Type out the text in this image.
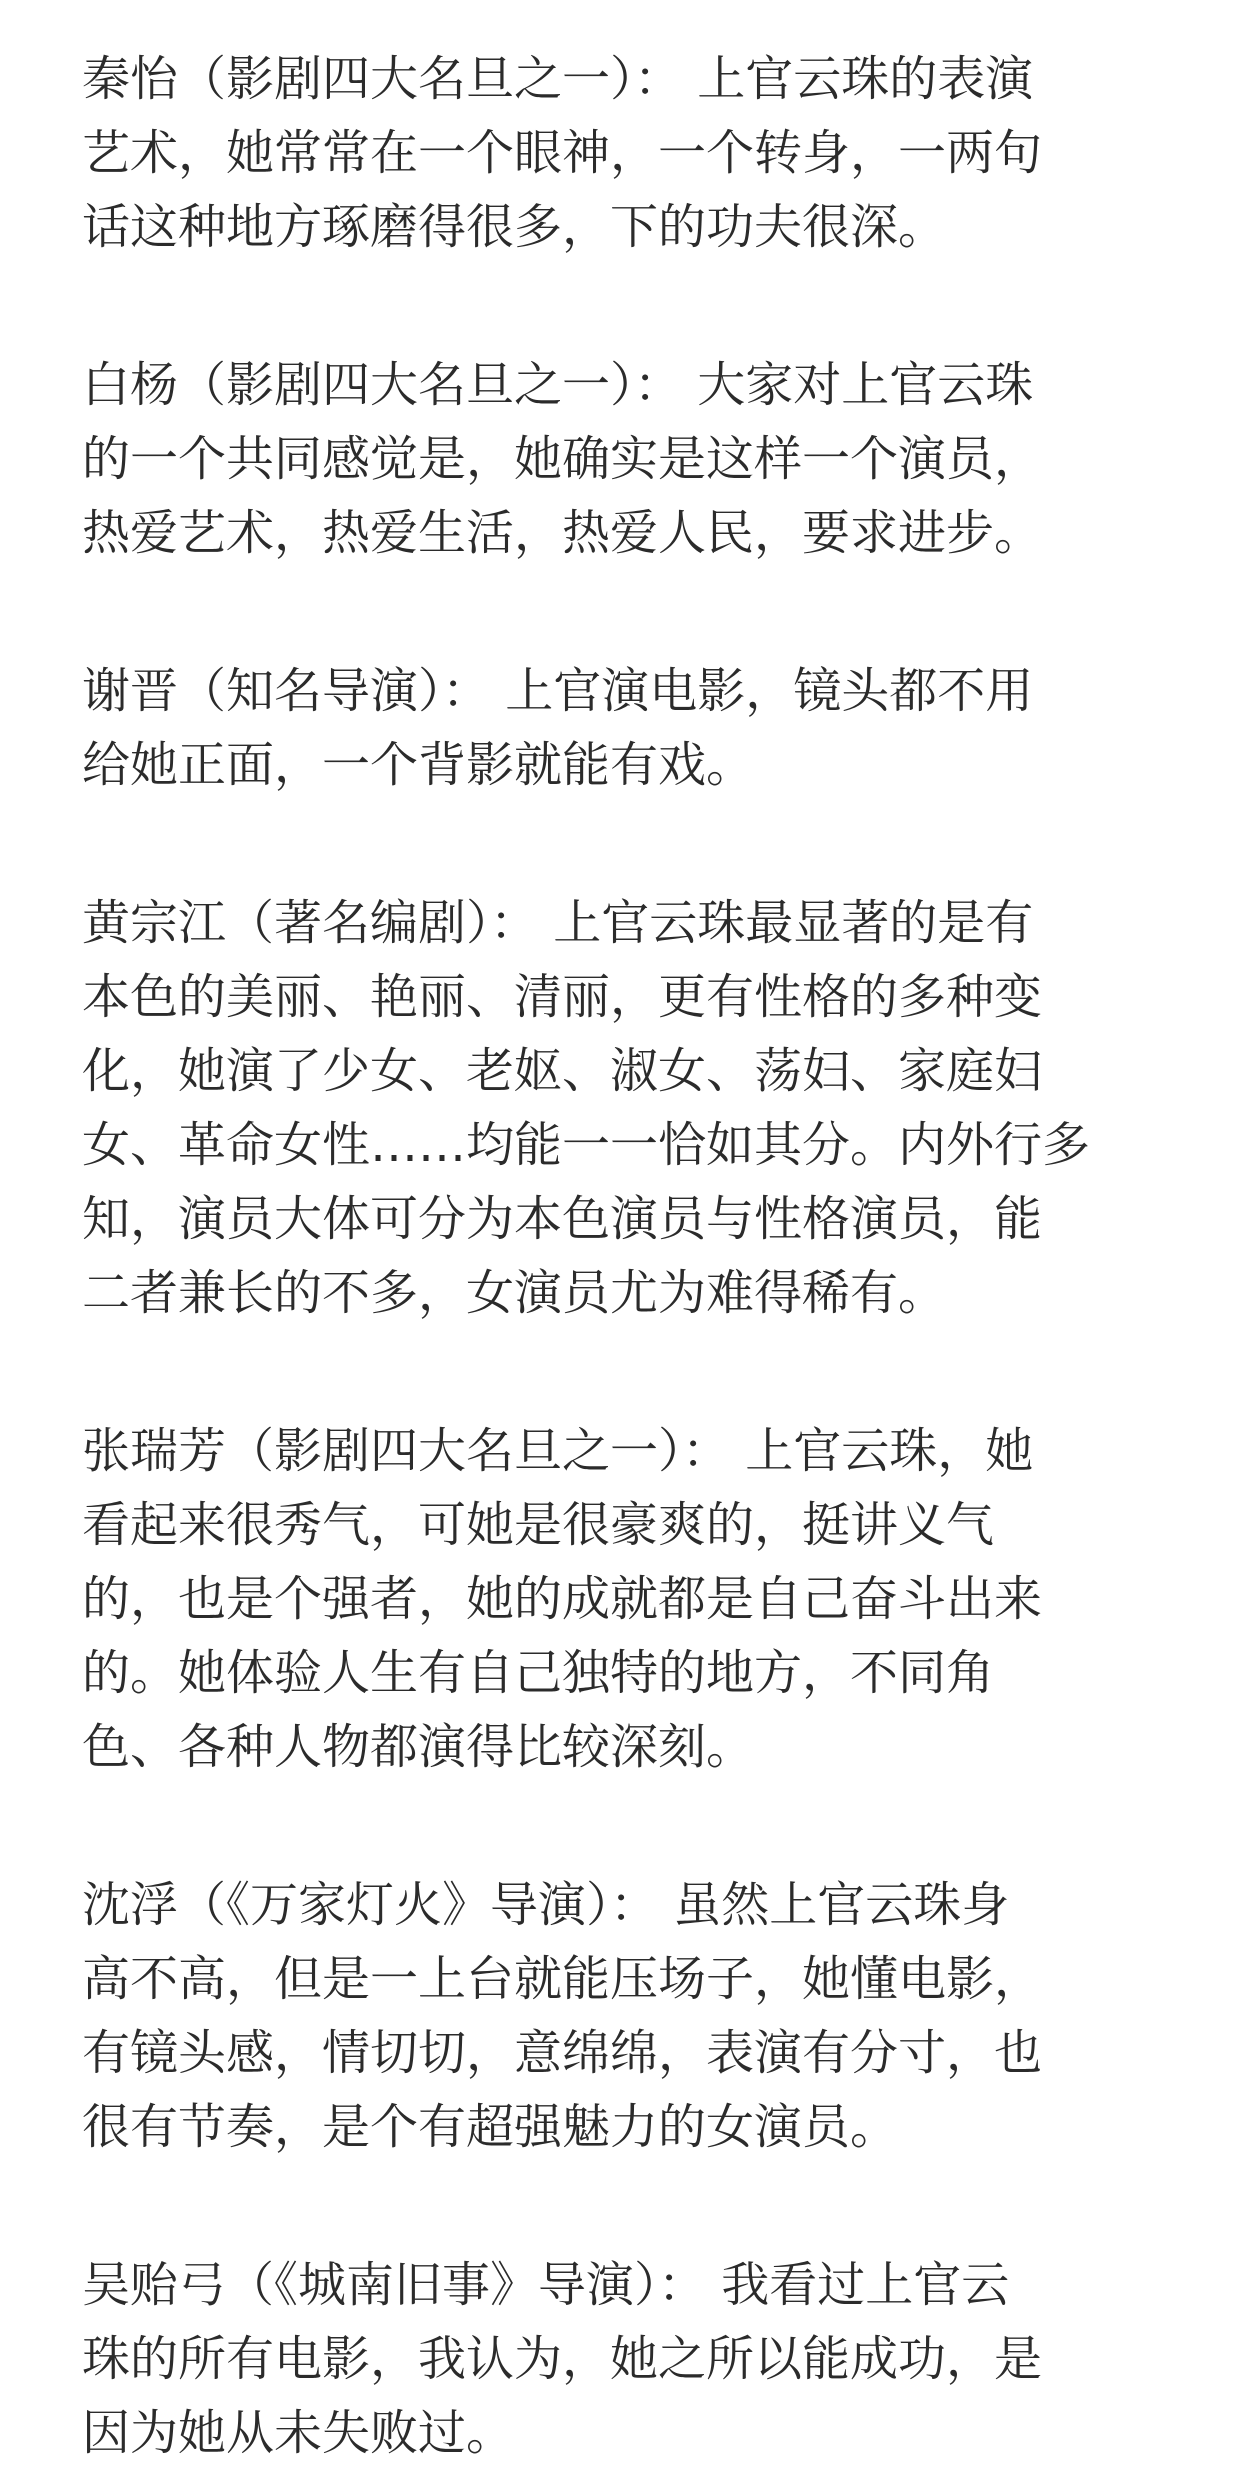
秦怡（影剧四大名旦之一）： 上官云珠的表演
艺术，她常常在一个眼神，一个转身，一两句
话这种地方琢磨得很多，下的功夫很深。
白杨（影剧四大名旦之一）： 大家对上官云珠
的一个共同感觉是，她确实是这样一个演员，
热爱艺术，热爱生活，热爱人民，要求进步。
谢晋（知名导演）： 上官演电影，镜头都不用
给她正面，一个背影就能有戏。
黄宗江（著名编剧）： 上官云珠最显著的是有
本色的美丽、艳丽、清丽，更有性格的多种变
化，她演了少女、老妪、淑女、荡妇、家庭妇
女、革命女性……均能一一恰如其分。内外行多
知，演员大体可分为本色演员与性格演员，能
二者兼长的不多，女演员尤为难得稀有。
张瑞芳（影剧四大名旦之一）： 上官云珠，她
看起来很秀气，可她是很豪爽的，挺讲义气
的，也是个强者，她的成就都是自己奋斗出来
的。她体验人生有自己独特的地方，不同角
色、各种人物都演得比较深刻。
沈浮（《万家灯火》导演）： 虽然上官云珠身
高不高，但是一上台就能压场子，她懂电影，
有镜头感，情切切，意绵绵，表演有分寸，也
很有节奏，是个有超强魅力的女演员。
吴贻弓（《城南旧事》导演）： 我看过上官云
珠的所有电影，我认为，她之所以能成功，是
因为她从未失败过。
